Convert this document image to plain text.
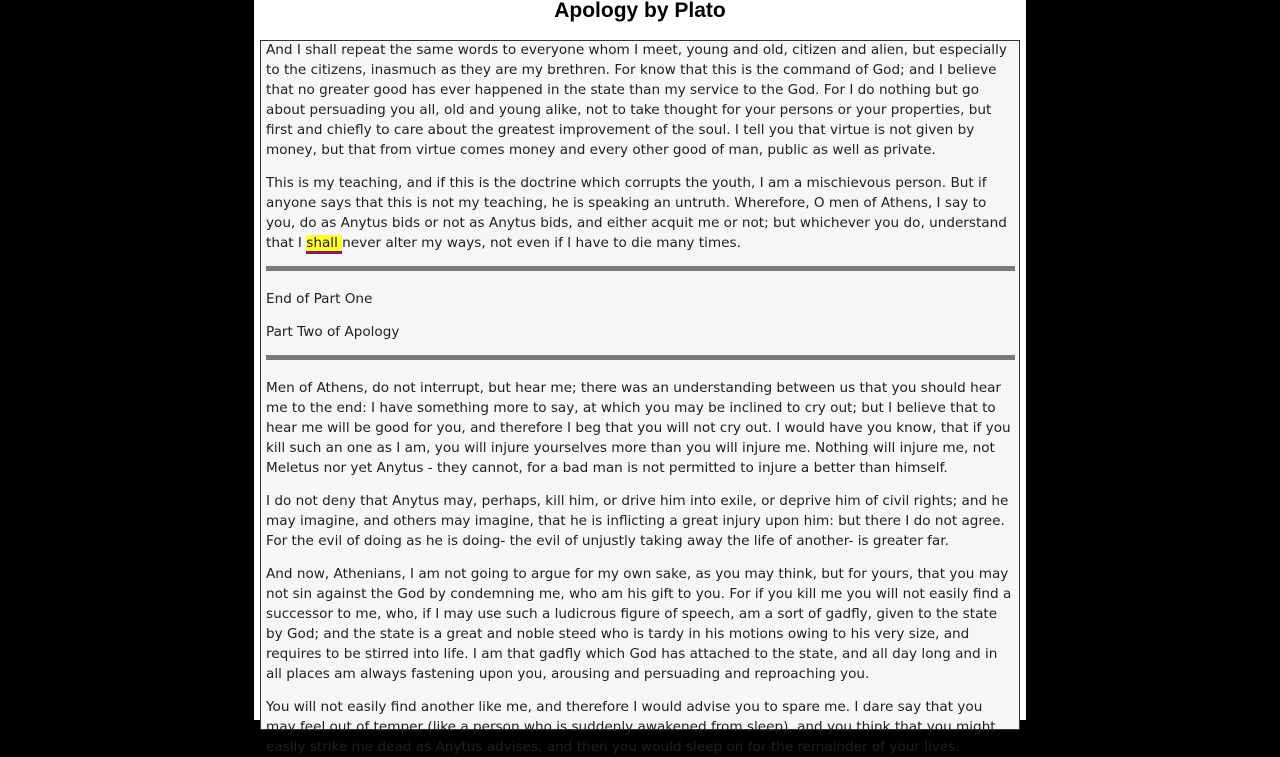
Apology by Plato

And I shall repeat the same words to everyone whom I meet, young and old, citizen and alien, but especially to the citizens, inasmuch as they are my brethren. For know that this is the command of God; and I believe that no greater good has ever happened in the state than my service to the God. For I do nothing but go about persuading you all, old and young alike, not to take thought for your persons or your properties, but first and chiefly to care about the greatest improvement of the soul. I tell you that virtue is not given by money, but that from virtue comes money and every other good of man, public as well as private.

This is my teaching, and if this is the doctrine which corrupts the youth, I am a mischievous person. But if anyone says that this is not my teaching, he is speaking an untruth. Wherefore, O men of Athens, I say to you, do as Anytus bids or not as Anytus bids, and either acquit me or not; but whichever you do, understand that I shall never alter my ways, not even if I have to die many times.

End of Part One

Part Two of Apology

Men of Athens, do not interrupt, but hear me; there was an understanding between us that you should hear me to the end: I have something more to say, at which you may be inclined to cry out; but I believe that to hear me will be good for you, and therefore I beg that you will not cry out. I would have you know, that if you kill such an one as I am, you will injure yourselves more than you will injure me. Nothing will injure me, not Meletus nor yet Anytus - they cannot, for a bad man is not permitted to injure a better than himself.

I do not deny that Anytus may, perhaps, kill him, or drive him into exile, or deprive him of civil rights; and he may imagine, and others may imagine, that he is inflicting a great injury upon him: but there I do not agree. For the evil of doing as he is doing- the evil of unjustly taking away the life of another- is greater far.

And now, Athenians, I am not going to argue for my own sake, as you may think, but for yours, that you may not sin against the God by condemning me, who am his gift to you. For if you kill me you will not easily find a successor to me, who, if I may use such a ludicrous figure of speech, am a sort of gadfly, given to the state by God; and the state is a great and noble steed who is tardy in his motions owing to his very size, and requires to be stirred into life. I am that gadfly which God has attached to the state, and all day long and in all places am always fastening upon you, arousing and persuading and reproaching you.

You will not easily find another like me, and therefore I would advise you to spare me. I dare say that you may feel out of temper (like a person who is suddenly awakened from sleep), and you think that you might easily strike me dead as Anytus advises, and then you would sleep on for the remainder of your lives.
